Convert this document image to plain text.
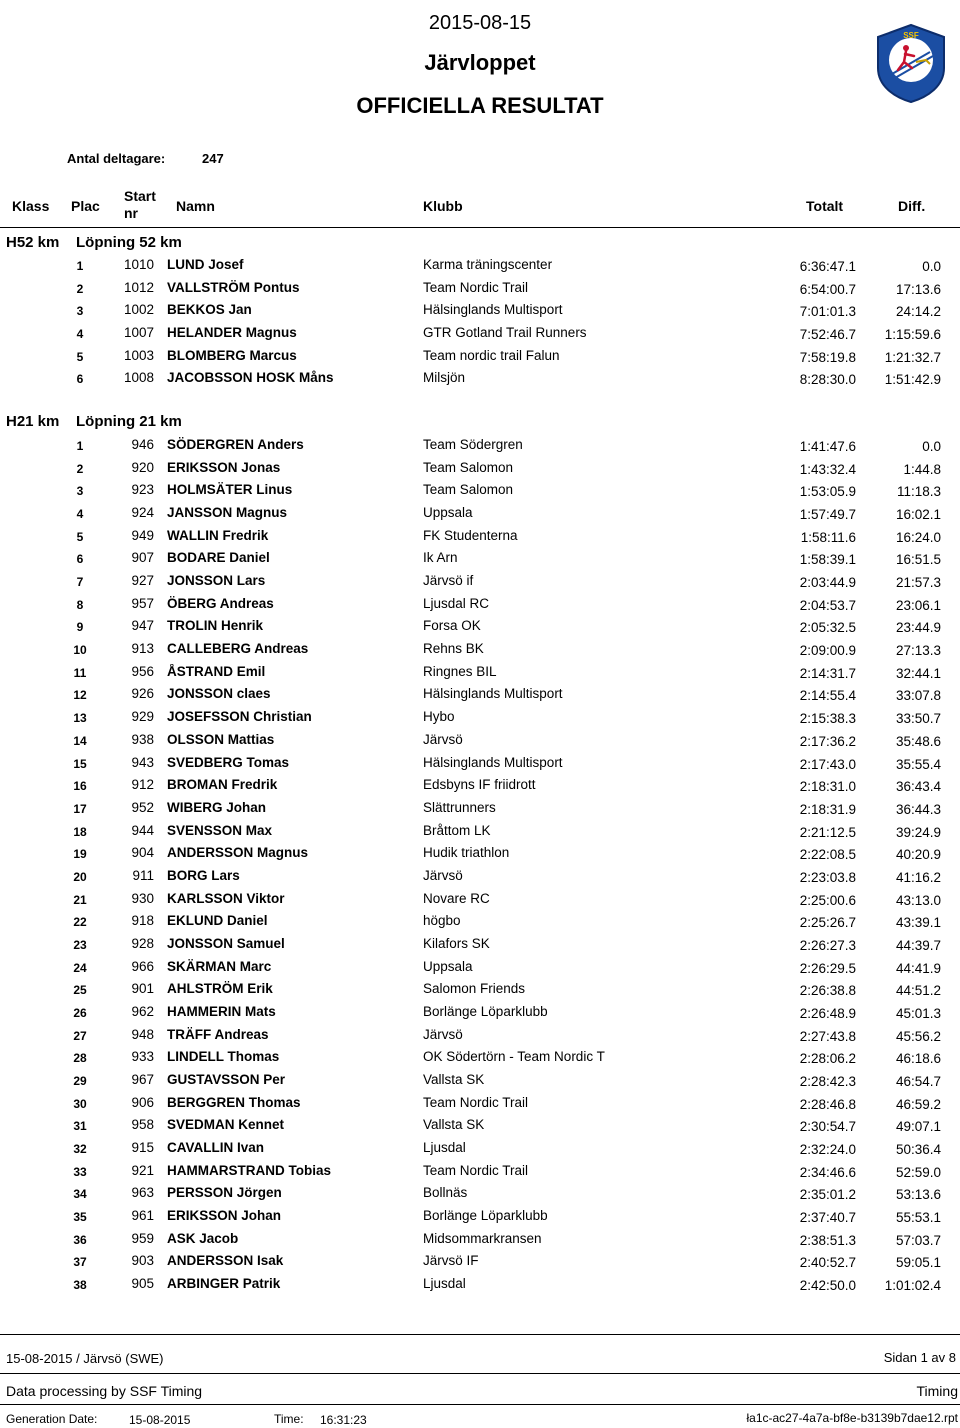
2015-08-15
Järvloppet
OFFICIELLA RESULTAT
SSF
Antal deltagare:	247
Klass Plac
Start
nr	Namn	Klubb	Totalt	Diff.
H52 km Löpning 52 km
1	1010 LUND Josef	Karma träningscenter	6:36:47.1	0.0
2	1012 VALLSTRÖM Pontus	Team Nordic Trail	6:54:00.7	17:13.6
3	1002 BEKKOS Jan	Hälsinglands Multisport	7:01:01.3	24:14.2
4	1007 HELANDER Magnus	GTR Gotland Trail Runners	7:52:46.7	1:15:59.6
5	1003 BLOMBERG Marcus	Team nordic trail Falun	7:58:19.8	1:21:32.7
6	1008 JACOBSSON HOSK Måns	Milsjön	8:28:30.0	1:51:42.9
H21 km Löpning 21 km
1	946 SÖDERGREN Anders	Team Södergren	1:41:47.6	0.0
2	920 ERIKSSON Jonas	Team Salomon	1:43:32.4	1:44.8
3	923 HOLMSÄTER Linus	Team Salomon	1:53:05.9	11:18.3
4	924 JANSSON Magnus	Uppsala	1:57:49.7	16:02.1
5	949 WALLIN Fredrik	FK Studenterna	1:58:11.6	16:24.0
6	907 BODARE Daniel	Ik Arn	1:58:39.1	16:51.5
7	927 JONSSON Lars	Järvsö if	2:03:44.9	21:57.3
8	957 ÖBERG Andreas	Ljusdal RC	2:04:53.7	23:06.1
9	947 TROLIN Henrik	Forsa OK	2:05:32.5	23:44.9
10	913 CALLEBERG Andreas	Rehns BK	2:09:00.9	27:13.3
11	956 ÅSTRAND Emil	Ringnes BIL	2:14:31.7	32:44.1
12	926 JONSSON claes	Hälsinglands Multisport	2:14:55.4	33:07.8
13	929 JOSEFSSON Christian	Hybo	2:15:38.3	33:50.7
14	938 OLSSON Mattias	Järvsö	2:17:36.2	35:48.6
15	943 SVEDBERG Tomas	Hälsinglands Multisport	2:17:43.0	35:55.4
16	912 BROMAN Fredrik	Edsbyns IF friidrott	2:18:31.0	36:43.4
17	952 WIBERG Johan	Slättrunners	2:18:31.9	36:44.3
18	944 SVENSSON Max	Bråttom LK	2:21:12.5	39:24.9
19	904 ANDERSSON Magnus	Hudik triathlon	2:22:08.5	40:20.9
20	911 BORG Lars	Järvsö	2:23:03.8	41:16.2
21	930 KARLSSON Viktor	Novare RC	2:25:00.6	43:13.0
22	918 EKLUND Daniel	högbo	2:25:26.7	43:39.1
23	928 JONSSON Samuel	Kilafors SK	2:26:27.3	44:39.7
24	966 SKÄRMAN Marc	Uppsala	2:26:29.5	44:41.9
25	901 AHLSTRÖM Erik	Salomon Friends	2:26:38.8	44:51.2
26	962 HAMMERIN Mats	Borlänge Löparklubb	2:26:48.9	45:01.3
27	948 TRÄFF Andreas	Järvsö	2:27:43.8	45:56.2
28	933 LINDELL Thomas	OK Södertörn - Team Nordic T	2:28:06.2	46:18.6
29	967 GUSTAVSSON Per	Vallsta SK	2:28:42.3	46:54.7
30	906 BERGGREN Thomas	Team Nordic Trail	2:28:46.8	46:59.2
31	958 SVEDMAN Kennet	Vallsta SK	2:30:54.7	49:07.1
32	915 CAVALLIN Ivan	Ljusdal	2:32:24.0	50:36.4
33	921 HAMMARSTRAND Tobias	Team Nordic Trail	2:34:46.6	52:59.0
34	963 PERSSON Jörgen	Bollnäs	2:35:01.2	53:13.6
35	961 ERIKSSON Johan	Borlänge Löparklubb	2:37:40.7	55:53.1
36	959 ASK Jacob	Midsommarkransen	2:38:51.3	57:03.7
37	903 ANDERSSON Isak	Järvsö IF	2:40:52.7	59:05.1
38	905 ARBINGER Patrik	Ljusdal	2:42:50.0	1:01:02.4
15-08-2015 / Järvsö (SWE)	Sidan 1 av 8
Data processing by SSF Timing	Timing
Generation Date:	15-08-2015	Time: 16:31:23	ła1c-ac27-4a7a-bf8e-b3139b7dae12.rpt
